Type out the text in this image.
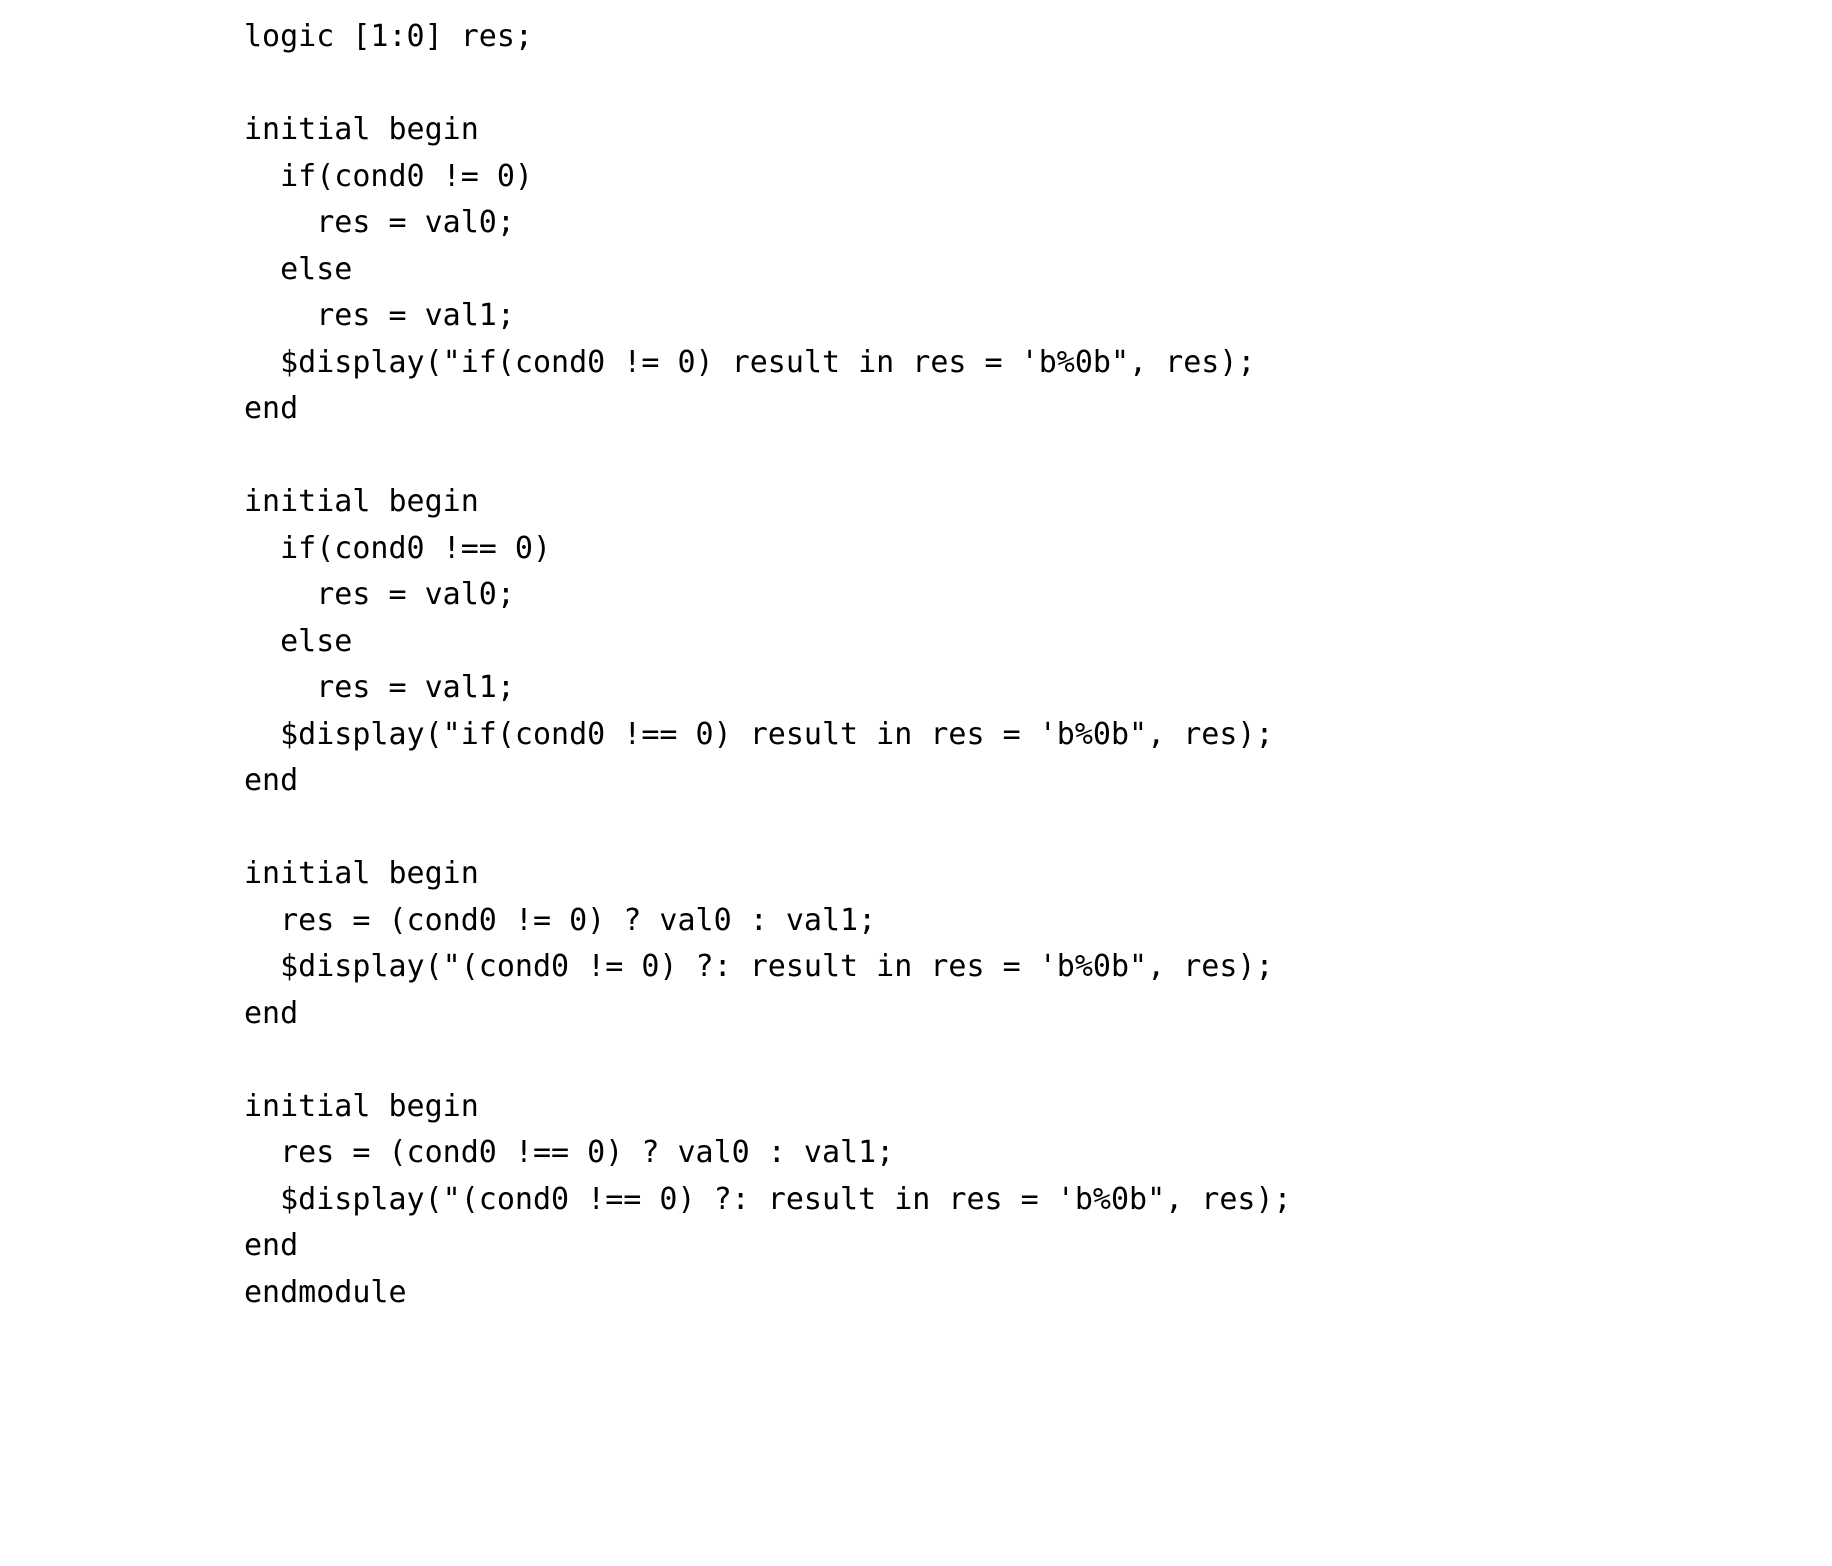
logic [1:0] res;

initial begin
if(cond0 != 0)
res = val0;
else
res = val1;
$display("if(cond0 != 0) result in res = 'b%0b", res);
end

initial begin
if(cond0 !== 0)
res = val0;
else
res = val1;
$display("if(cond0 !== 0) result in res = 'b%0b", res);
end

initial begin
res = (cond0 != 0) ? val0 : val1;
$display("(cond0 != 0) ?: result in res = 'b%0b", res);
end

initial begin
res = (cond0 !== 0) ? val0 : val1;
$display("(cond0 !== 0) ?: result in res = 'b%0b", res);
end
endmodule
